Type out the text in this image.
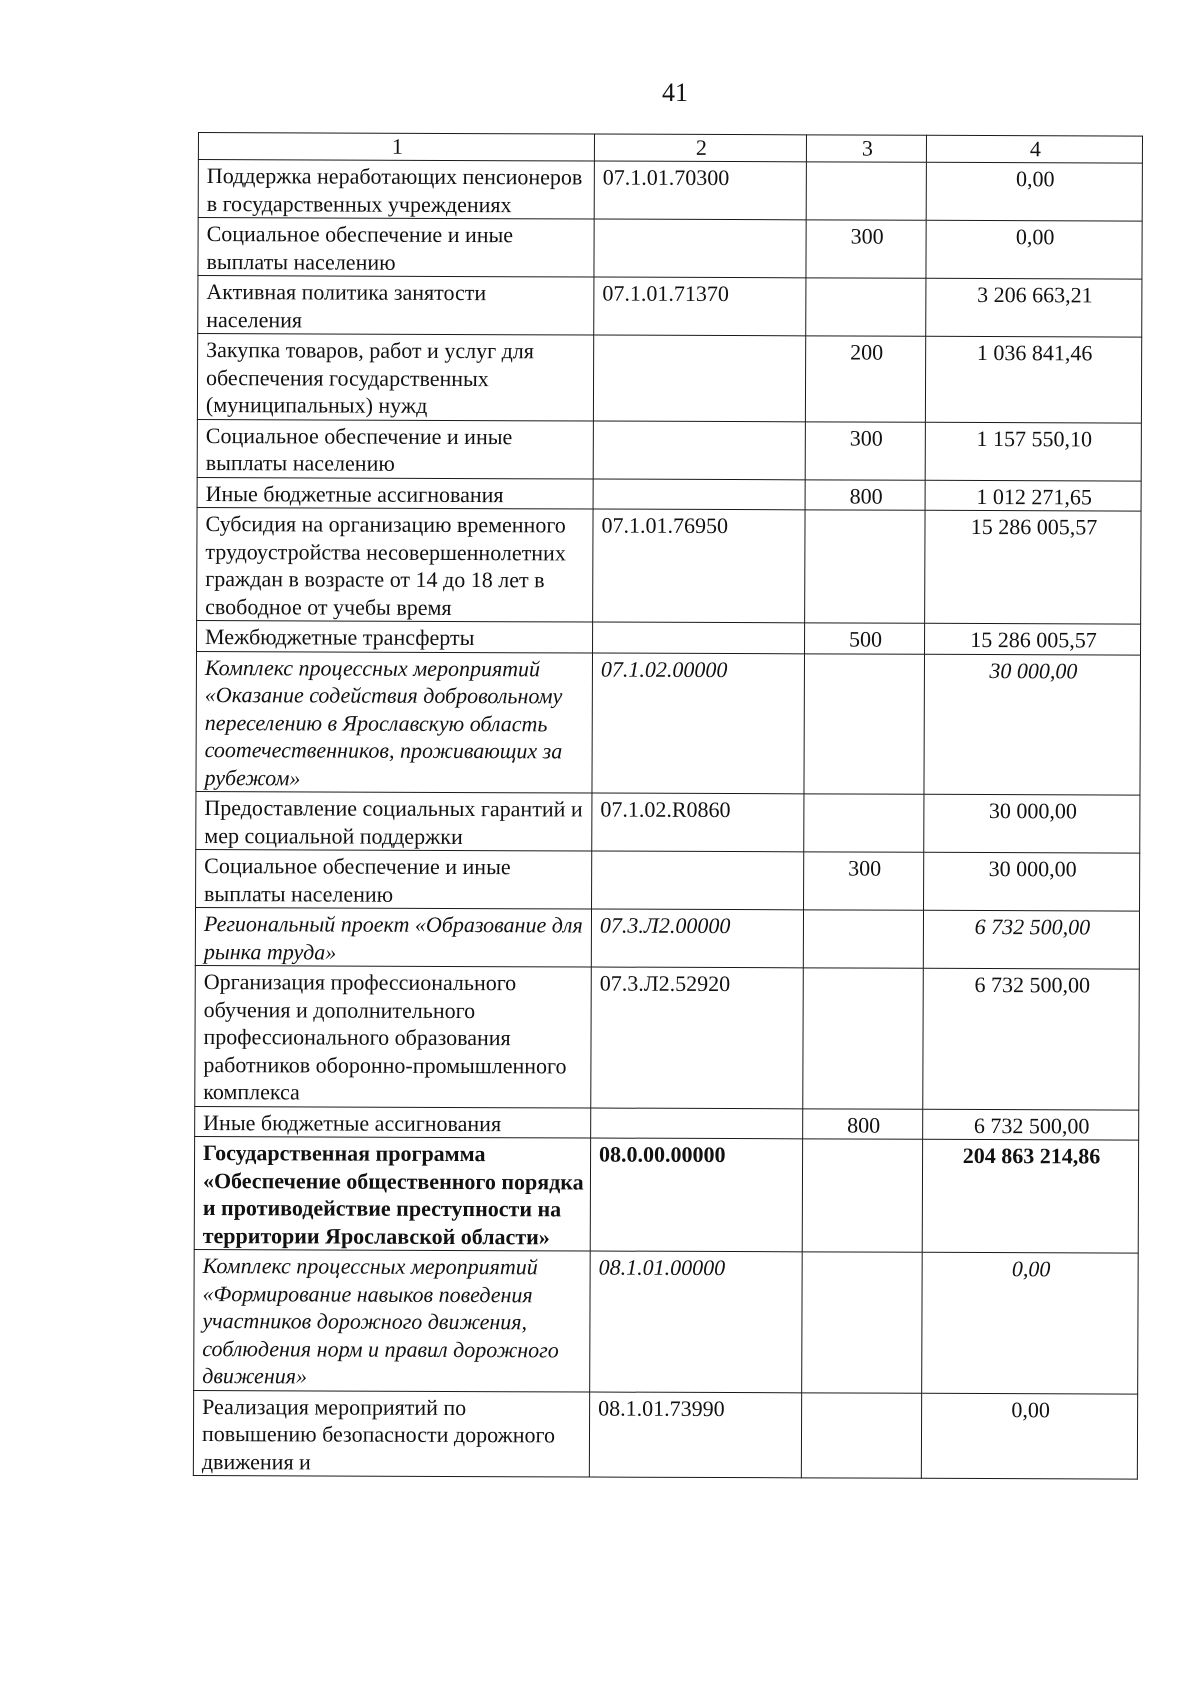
41
1	2	3	4
Поддержка неработающих пенсионеров в государственных учреждениях	07.1.01.70300		0,00
Социальное обеспечение и иные выплаты населению		300	0,00
Активная политика занятости населения	07.1.01.71370		3 206 663,21
Закупка товаров, работ и услуг для обеспечения государственных (муниципальных) нужд		200	1 036 841,46
Социальное обеспечение и иные выплаты населению		300	1 157 550,10
Иные бюджетные ассигнования		800	1 012 271,65
Субсидия на организацию временного трудоустройства несовершеннолетних граждан в возрасте от 14 до 18 лет в свободное от учебы время	07.1.01.76950		15 286 005,57
Межбюджетные трансферты		500	15 286 005,57
Комплекс процессных мероприятий «Оказание содействия добровольному переселению в Ярославскую область соотечественников, проживающих за рубежом»	07.1.02.00000		30 000,00
Предоставление социальных гарантий и мер социальной поддержки	07.1.02.R0860		30 000,00
Социальное обеспечение и иные выплаты населению		300	30 000,00
Региональный проект «Образование для рынка труда»	07.3.Л2.00000		6 732 500,00
Организация профессионального обучения и дополнительного профессионального образования работников оборонно-промышленного комплекса	07.3.Л2.52920		6 732 500,00
Иные бюджетные ассигнования		800	6 732 500,00
Государственная программа «Обеспечение общественного порядка и противодействие преступности на территории Ярославской области»	08.0.00.00000		204 863 214,86
Комплекс процессных мероприятий «Формирование навыков поведения участников дорожного движения, соблюдения норм и правил дорожного движения»	08.1.01.00000		0,00
Реализация мероприятий по повышению безопасности дорожного движения и	08.1.01.73990		0,00
